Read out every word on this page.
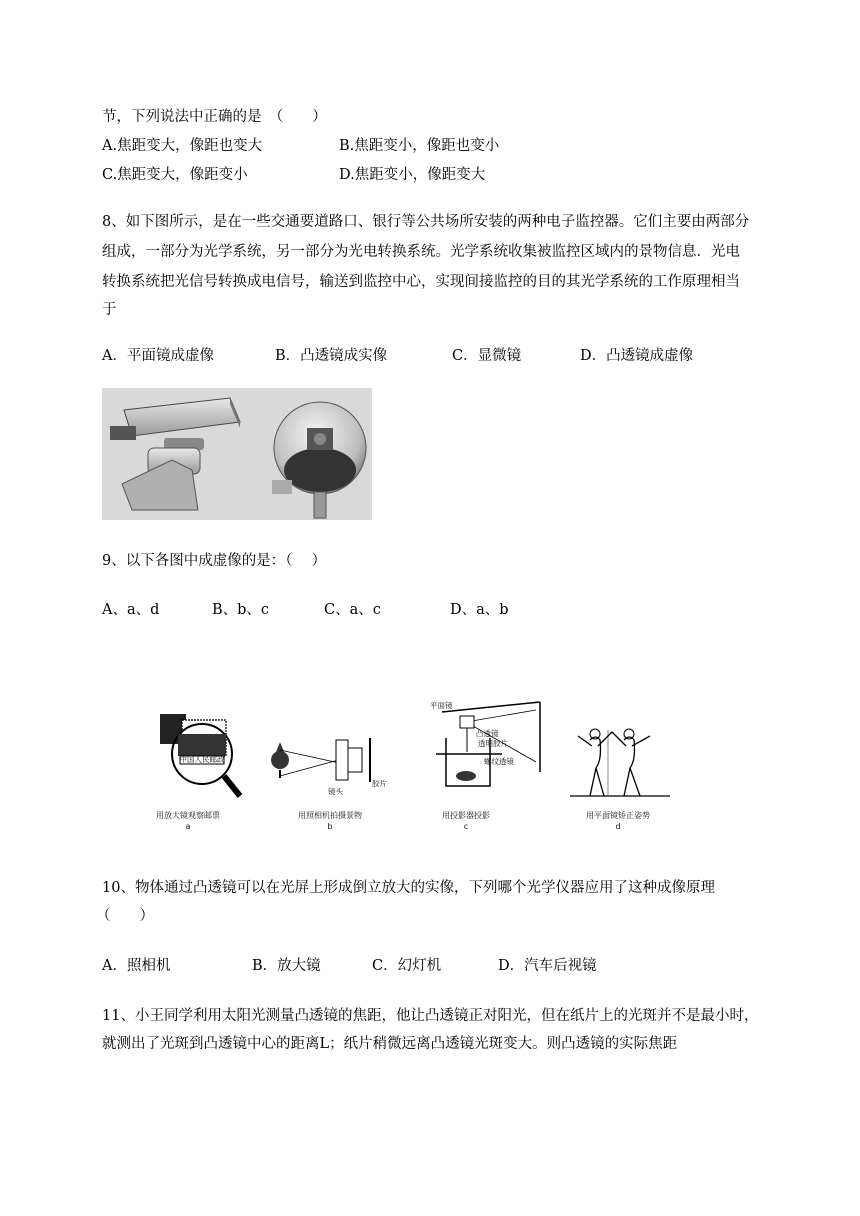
节，下列说法中正确的是　（　　）
A.焦距变大，像距也变大	B.焦距变小，像距也变小
C.焦距变大，像距变小	D.焦距变小，像距变大
8、如下图所示，是在一些交通要道路口、银行等公共场所安装的两种电子监控器。它们主要由两部分
组成，一部分为光学系统，另一部分为光电转换系统。光学系统收集被监控区域内的景物信息．光电
转换系统把光信号转换成电信号，输送到监控中心，实现间接监控的目的其光学系统的工作原理相当
于
A．平面镜成虚像	B．凸透镜成实像	C．显微镜	D．凸透镜成虚像
9、以下各图中成虚像的是：（　 ）
A、a、d	B、b、c	C、a、c	D、a、b
中国人民邮政
用放大镜观察邮票
a
镜头
胶片
用照相机拍摄景物
b
平面镜
凸透镜
透明胶片
螺纹透镜
用投影器投影
c
用平面镜矫正姿势
d
10、物体通过凸透镜可以在光屏上形成倒立放大的实像，下列哪个光学仪器应用了这种成像原理
（　　）
A．照相机	B．放大镜	C．幻灯机	D．汽车后视镜
11、小王同学利用太阳光测量凸透镜的焦距，他让凸透镜正对阳光，但在纸片上的光斑并不是最小时，
就测出了光斑到凸透镜中心的距离L；纸片稍微远离凸透镜光斑变大。则凸透镜的实际焦距
